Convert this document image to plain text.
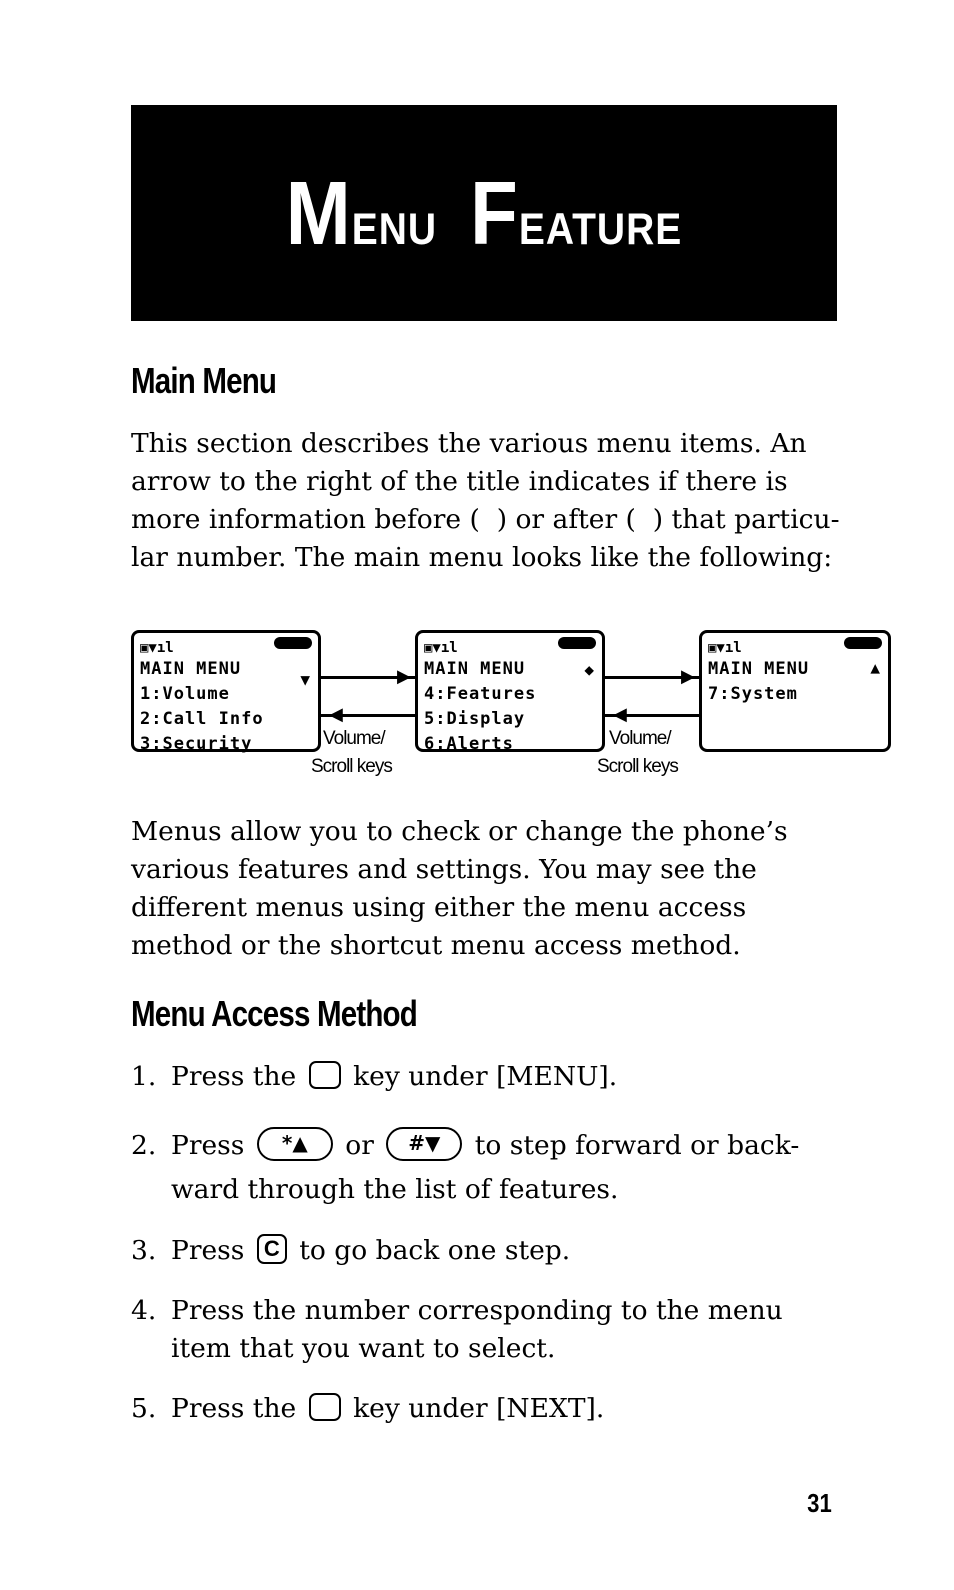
Menu Feature
Main Menu
This section describes the various menu items. An
arrow to the right of the title indicates if there is
more information before ( ) or after ( ) that particu-
lar number. The main menu looks like the following:
▣▼ıl
MAIN MENU
1:Volume
2:Call Info
3:Security
▼
▣▼ıl
MAIN MENU
4:Features
5:Display
6:Alerts
◆
▣▼ıl
MAIN MENU
7:System
▲
▶
◀
Volume/
Scroll keys
▶
◀
Volume/
Scroll keys
Menus allow you to check or change the phone’s
various features and settings. You may see the
different menus using either the menu access
method or the shortcut menu access method.
Menu Access Method
1. Press the key under [MENU].
2. Press *▲ or #▼ to step forward or back-
ward through the list of features.
3. Press C to go back one step.
4. Press the number corresponding to the menu
item that you want to select.
5. Press the key under [NEXT].
31
